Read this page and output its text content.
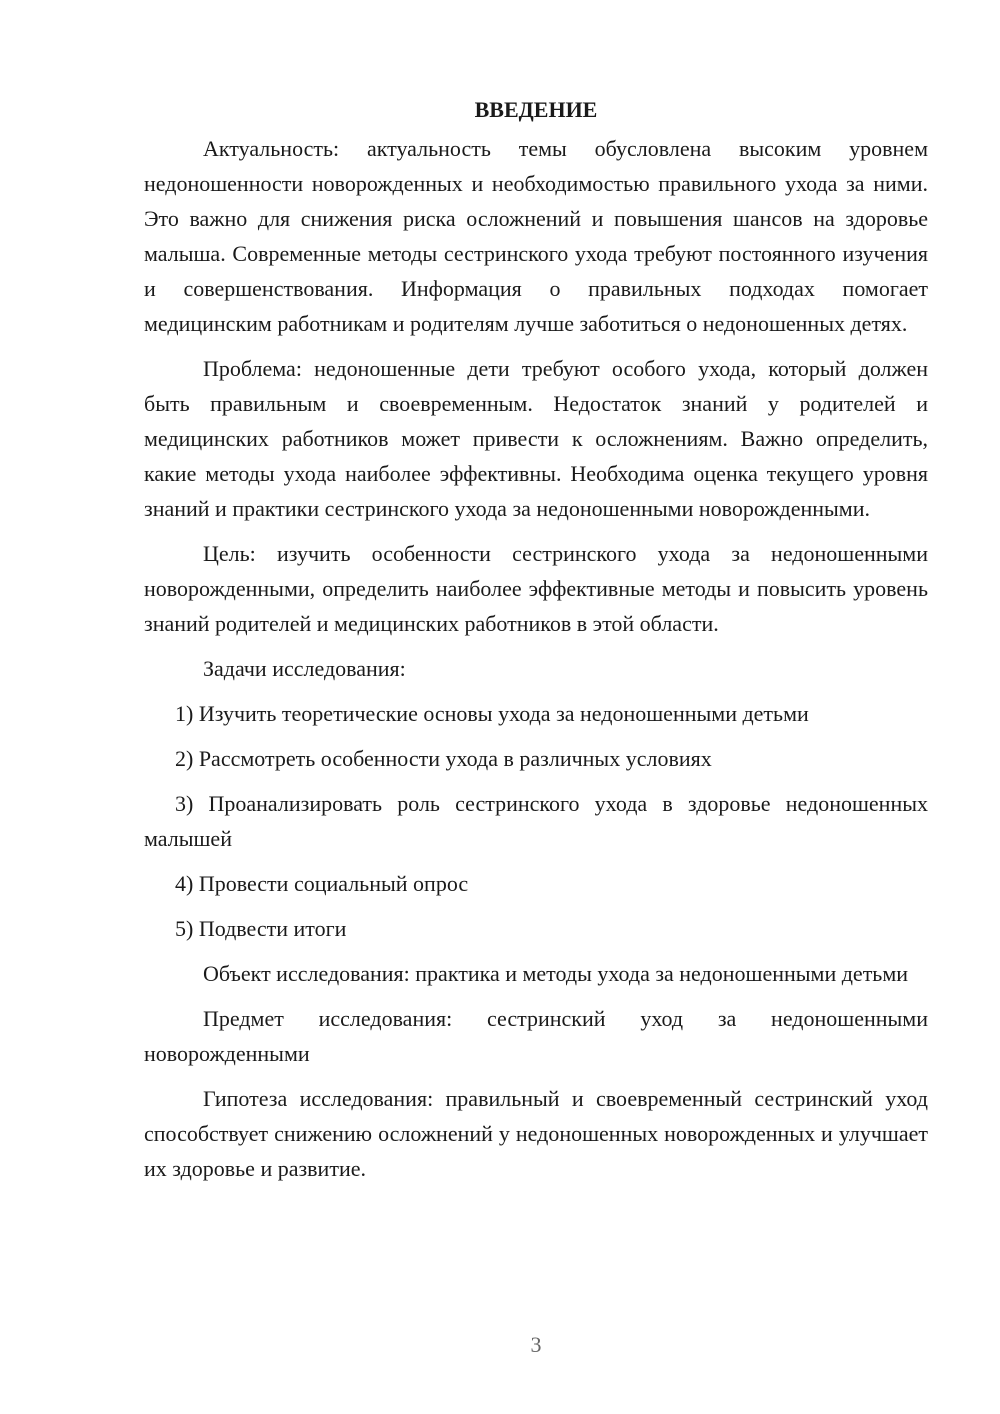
ВВЕДЕНИЕ

Актуальность: актуальность темы обусловлена высоким уровнем недоношенности новорожденных и необходимостью правильного ухода за ними. Это важно для снижения риска осложнений и повышения шансов на здоровье малыша. Современные методы сестринского ухода требуют постоянного изучения и совершенствования. Информация о правильных подходах помогает медицинским работникам и родителям лучше заботиться о недоношенных детях.

Проблема: недоношенные дети требуют особого ухода, который должен быть правильным и своевременным. Недостаток знаний у родителей и медицинских работников может привести к осложнениям. Важно определить, какие методы ухода наиболее эффективны. Необходима оценка текущего уровня знаний и практики сестринского ухода за недоношенными новорожденными.

Цель: изучить особенности сестринского ухода за недоношенными новорожденными, определить наиболее эффективные методы и повысить уровень знаний родителей и медицинских работников в этой области.

Задачи исследования:

1) Изучить теоретические основы ухода за недоношенными детьми

2) Рассмотреть особенности ухода в различных условиях

3) Проанализировать роль сестринского ухода в здоровье недоношенных малышей

4) Провести социальный опрос

5) Подвести итоги

Объект исследования: практика и методы ухода за недоношенными детьми

Предмет исследования: сестринский уход за недоношенными новорожденными

Гипотеза исследования: правильный и своевременный сестринский уход способствует снижению осложнений у недоношенных новорожденных и улучшает их здоровье и развитие.

3
